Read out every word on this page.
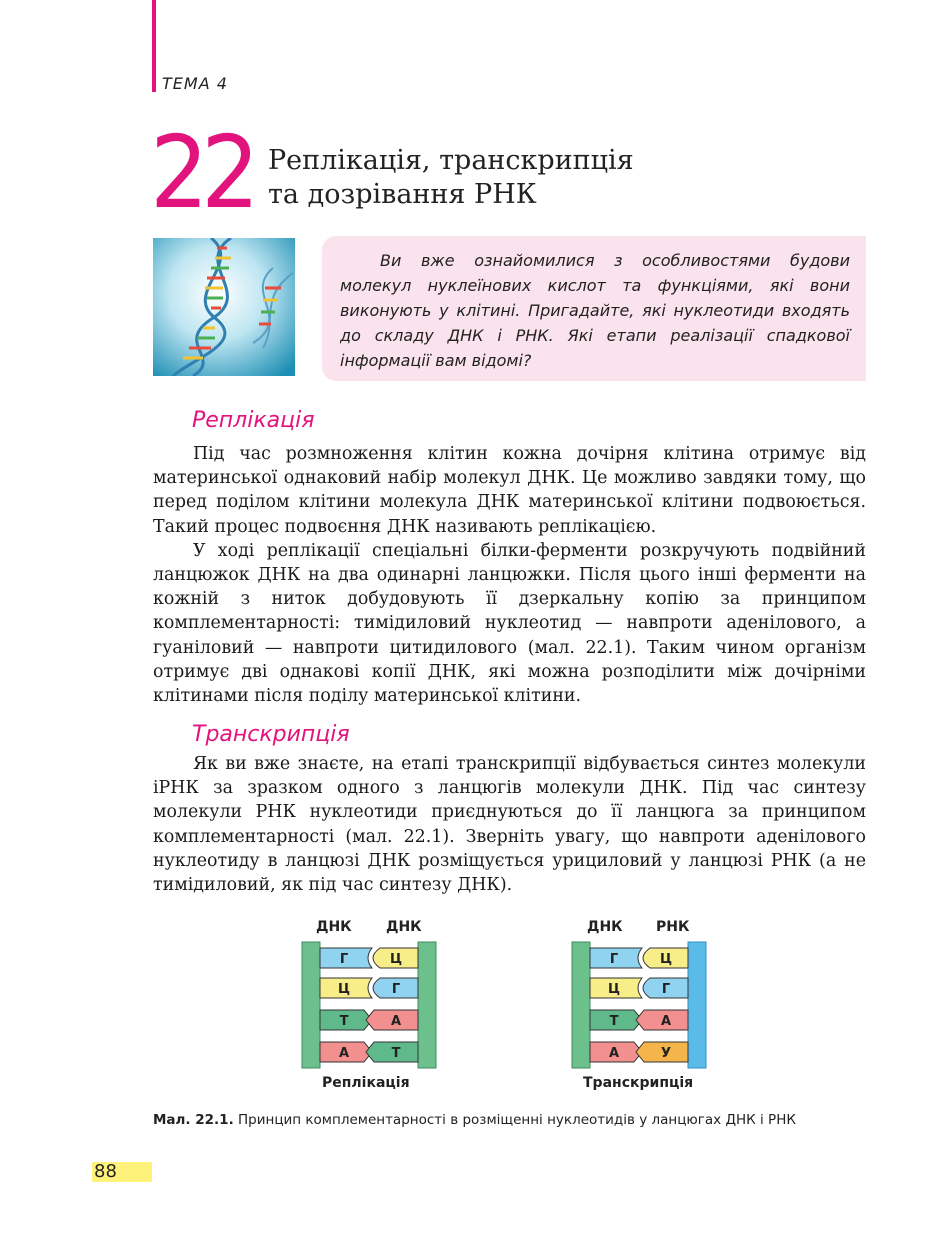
ТЕМА 4
22 Реплікація, транскрипція
та дозрівання РНК

Ви вже ознайомилися з особливостями будови молекул нуклеїнових кислот та функціями, які вони виконують у клітині. Пригадайте, які нуклеотиди входять до складу ДНК і РНК. Які етапи реалізації спадкової інформації вам відомі?

Реплікація

Під час розмноження клітин кожна дочірня клітина отримує від материнської однаковий набір молекул ДНК. Це можливо завдяки тому, що перед поділом клітини молекула ДНК материнської клітини подвоюється. Такий процес подвоєння ДНК називають реплікацією.

У ході реплікації спеціальні білки-ферменти розкручують подвійний ланцюжок ДНК на два одинарні ланцюжки. Після цього інші ферменти на кожній з ниток добудовують її дзеркальну копію за принципом комплементарності: тимідиловий нуклеотид — навпроти аденілового, а гуаніловий — навпроти цитидилового (мал. 22.1). Таким чином організм отримує дві однакові копії ДНК, які можна розподілити між дочірніми клітинами після поділу материнської клітини.

Транскрипція

Як ви вже знаєте, на етапі транскрипції відбувається синтез молекули іРНК за зразком одного з ланцюгів молекули ДНК. Під час синтезу молекули РНК нуклеотиди приєднуються до її ланцюга за принципом комплементарності (мал. 22.1). Зверніть увагу, що навпроти аденілового нуклеотиду в ланцюзі ДНК розміщується урициловий у ланцюзі РНК (а не тимідиловий, як під час синтезу ДНК).

ДНК ДНК
Г	Ц
Ц	Г
Т	А
А	Т
Реплікація
ДНК РНК
Г	Ц
Ц	Г
Т	А
А	У
Транскрипція
Мал. 22.1. Принцип комплементарності в розміщенні нуклеотидів у ланцюгах ДНК і РНК
88
